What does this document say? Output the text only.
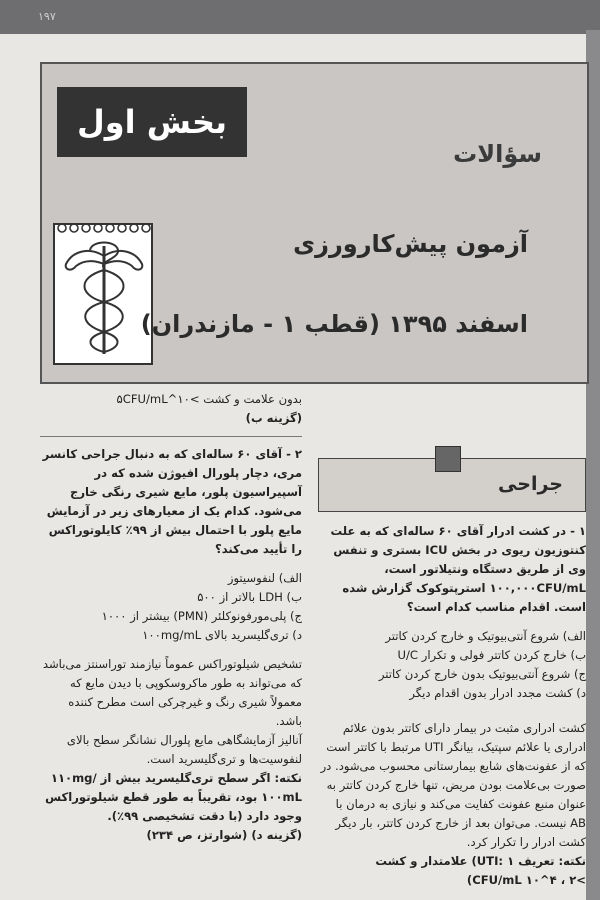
۱۹۷
بخش اول
سؤالات
آزمون پیش‌کارورزی
اسفند ۱۳۹۵ (قطب ۱ - مازندران)
بدون علامت و کشت >۱۰^۵CFU/mL
(گزینه ب)
۲ - آقای ۶۰ ساله‌ای که به دنبال جراحی کانسر مری، دچار پلورال افیوژن شده که در آسپیراسیون پلور، مایع شیری رنگی خارج می‌شود. کدام یک از معیارهای زیر در آزمایش مایع پلور با احتمال بیش از ۹۹٪ کایلوتوراکس را تأیید می‌کند؟
الف) لنفوسیتوز
ب) LDH بالاتر از ۵۰۰
ج) پلی‌مورفونوکلئر (PMN) بیشتر از ۱۰۰۰
د) تری‌گلیسرید بالای ۱۰۰mg/mL
تشخیص شیلوتوراکس عموماً نیازمند توراسنتز می‌باشد که می‌تواند به طور ماکروسکوپی با دیدن مایع که معمولاً شیری رنگ و غیرچرکی است مطرح کننده باشد.
آنالیز آزمایشگاهی مایع پلورال نشانگر سطح بالای لنفوسیت‌ها و تری‌گلیسرید است.
نکته: اگر سطح تری‌گلیسرید بیش از ۱۱۰mg/۱۰۰mL بود، تقریباً به طور قطع شیلوتوراکس وجود دارد (با دقت تشخیصی ۹۹٪).
(گزینه د) (شوارتز، ص ۲۳۴)
جراحی
۱ - در کشت ادرار آقای ۶۰ ساله‌ای که به علت کنتوزیون ریوی در بخش ICU بستری و تنفس وی از طریق دستگاه ونتیلاتور است، ۱۰۰,۰۰۰CFU/mL استرپتوکوک گزارش شده است. اقدام مناسب کدام است؟
الف) شروع آنتی‌بیوتیک و خارج کردن کاتتر
ب) خارج کردن کاتتر فولی و تکرار U/C
ج) شروع آنتی‌بیوتیک بدون خارج کردن کاتتر
د) کشت مجدد ادرار بدون اقدام دیگر
کشت ادراری مثبت در بیمار دارای کاتتر بدون علائم ادراری یا علائم سپتیک، بیانگر UTI مرتبط با کاتتر است که از عفونت‌های شایع بیمارستانی محسوب می‌شود. در صورت بی‌علامت بودن مریض، تنها خارج کردن کاتتر به عنوان منبع عفونت کفایت می‌کند و نیازی به درمان با AB نیست. می‌توان بعد از خارج کردن کاتتر، بار دیگر کشت ادرار را تکرار کرد.
نکته: تعریف UTI: ۱) علامتدار و کشت >CFU/mL ۱۰^۴ ، ۲)
